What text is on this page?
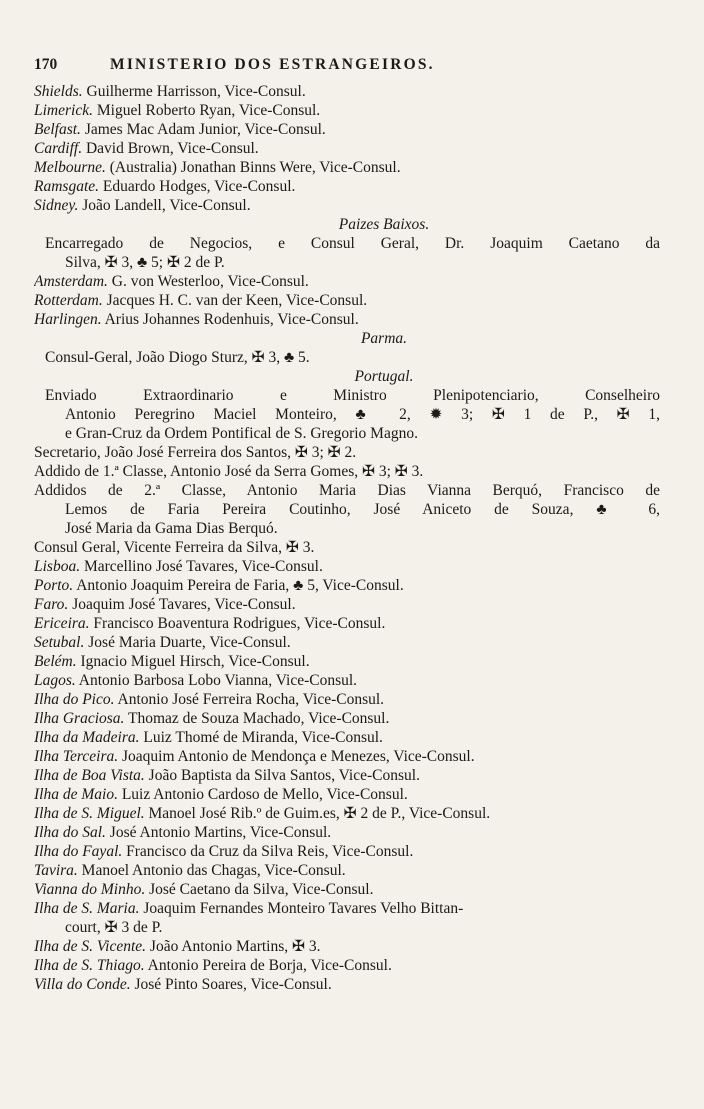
170	MINISTERIO DOS ESTRANGEIROS.
Shields. Guilherme Harrisson, Vice-Consul.
Limerick. Miguel Roberto Ryan, Vice-Consul.
Belfast. James Mac Adam Junior, Vice-Consul.
Cardiff. David Brown, Vice-Consul.
Melbourne. (Australia) Jonathan Binns Were, Vice-Consul.
Ramsgate. Eduardo Hodges, Vice-Consul.
Sidney. João Landell, Vice-Consul.
Paizes Baixos.
Encarregado de Negocios, e Consul Geral, Dr. Joaquim Caetano da
Silva, ✠ 3, ♣ 5; ✠ 2 de P.
Amsterdam. G. von Westerloo, Vice-Consul.
Rotterdam. Jacques H. C. van der Keen, Vice-Consul.
Harlingen. Arius Johannes Rodenhuis, Vice-Consul.
Parma.
Consul-Geral, João Diogo Sturz, ✠ 3, ♣ 5.
Portugal.
Enviado Extraordinario e Ministro Plenipotenciario, Conselheiro
Antonio Peregrino Maciel Monteiro, ♣ 2, ✹ 3; ✠ 1 de P., ✠ 1,
e Gran-Cruz da Ordem Pontifical de S. Gregorio Magno.
Secretario, João José Ferreira dos Santos, ✠ 3; ✠ 2.
Addido de 1.ª Classe, Antonio José da Serra Gomes, ✠ 3; ✠ 3.
Addidos de 2.ª Classe, Antonio Maria Dias Vianna Berquó, Francisco de
Lemos de Faria Pereira Coutinho, José Aniceto de Souza, ♣ 6,
José Maria da Gama Dias Berquó.
Consul Geral, Vicente Ferreira da Silva, ✠ 3.
Lisboa. Marcellino José Tavares, Vice-Consul.
Porto. Antonio Joaquim Pereira de Faria, ♣ 5, Vice-Consul.
Faro. Joaquim José Tavares, Vice-Consul.
Ericeira. Francisco Boaventura Rodrigues, Vice-Consul.
Setubal. José Maria Duarte, Vice-Consul.
Belém. Ignacio Miguel Hirsch, Vice-Consul.
Lagos. Antonio Barbosa Lobo Vianna, Vice-Consul.
Ilha do Pico. Antonio José Ferreira Rocha, Vice-Consul.
Ilha Graciosa. Thomaz de Souza Machado, Vice-Consul.
Ilha da Madeira. Luiz Thomé de Miranda, Vice-Consul.
Ilha Terceira. Joaquim Antonio de Mendonça e Menezes, Vice-Consul.
Ilha de Boa Vista. João Baptista da Silva Santos, Vice-Consul.
Ilha de Maio. Luiz Antonio Cardoso de Mello, Vice-Consul.
Ilha de S. Miguel. Manoel José Rib.º de Guim.es, ✠ 2 de P., Vice-Consul.
Ilha do Sal. José Antonio Martins, Vice-Consul.
Ilha do Fayal. Francisco da Cruz da Silva Reis, Vice-Consul.
Tavira. Manoel Antonio das Chagas, Vice-Consul.
Vianna do Minho. José Caetano da Silva, Vice-Consul.
Ilha de S. Maria. Joaquim Fernandes Monteiro Tavares Velho Bittan-
court, ✠ 3 de P.
Ilha de S. Vicente. João Antonio Martins, ✠ 3.
Ilha de S. Thiago. Antonio Pereira de Borja, Vice-Consul.
Villa do Conde. José Pinto Soares, Vice-Consul.
